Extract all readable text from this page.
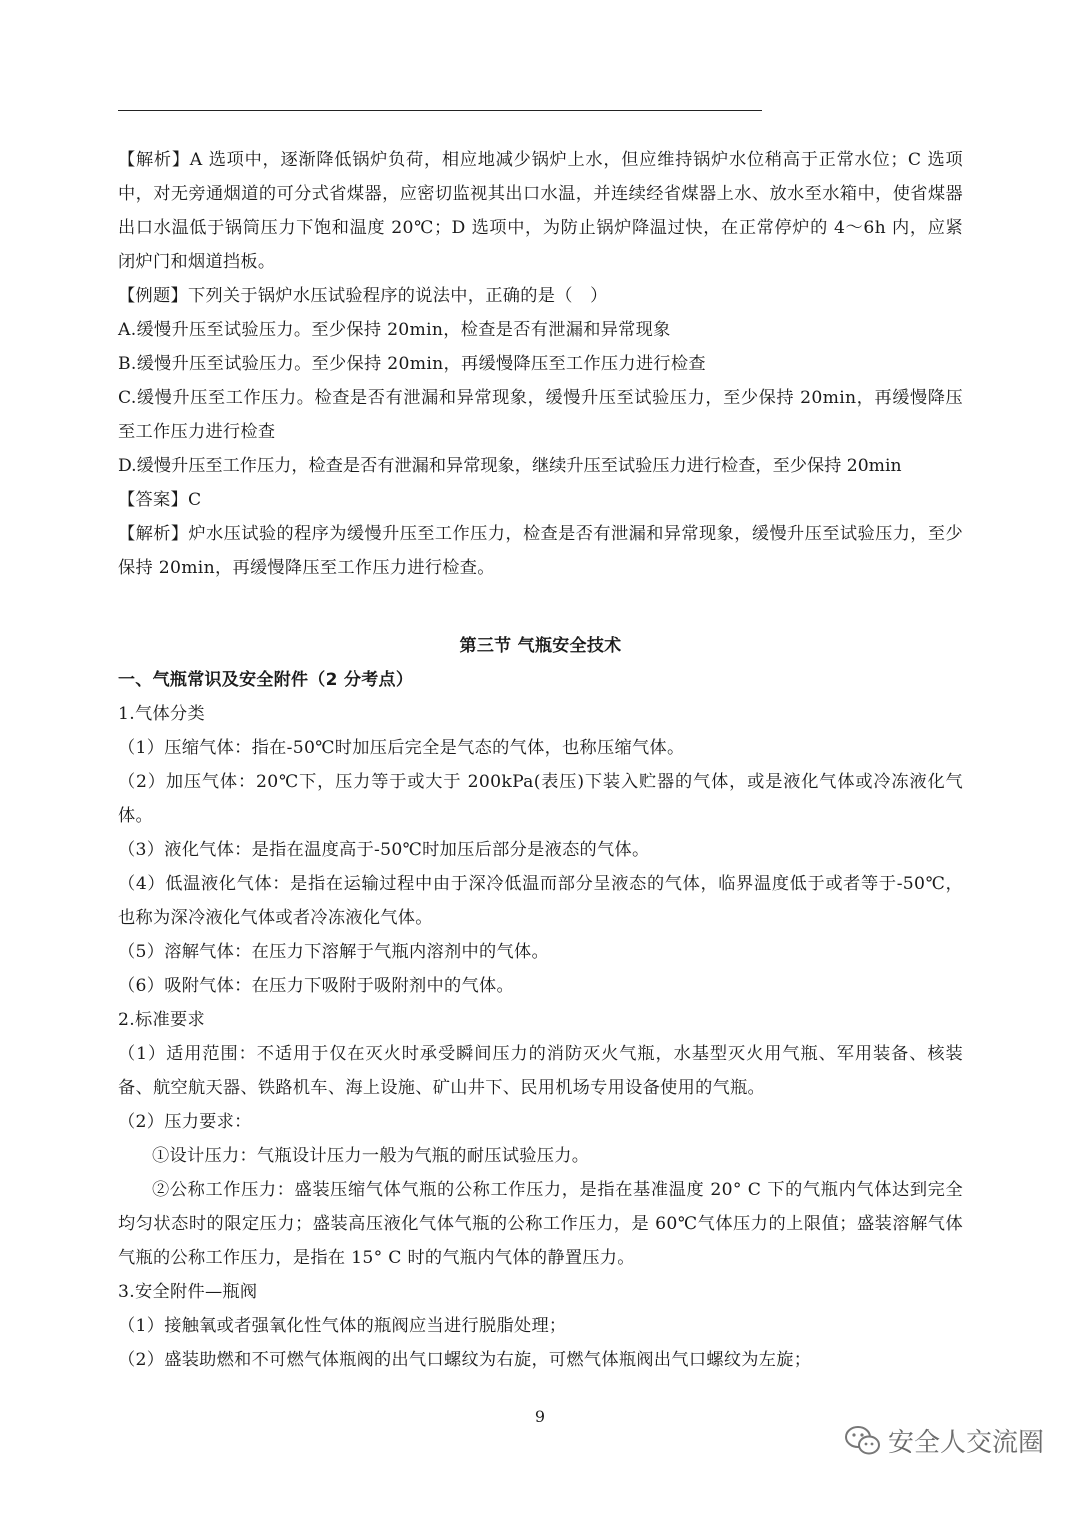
【解析】A 选项中，逐渐降低锅炉负荷，相应地减少锅炉上水，但应维持锅炉水位稍高于正常水位；C 选项中，对无旁通烟道的可分式省煤器，应密切监视其出口水温，并连续经省煤器上水、放水至水箱中，使省煤器出口水温低于锅筒压力下饱和温度 20℃；D 选项中，为防止锅炉降温过快，在正常停炉的 4～6h 内，应紧闭炉门和烟道挡板。

【例题】下列关于锅炉水压试验程序的说法中，正确的是（　）

A.缓慢升压至试验压力。至少保持 20min，检查是否有泄漏和异常现象

B.缓慢升压至试验压力。至少保持 20min，再缓慢降压至工作压力进行检查

C.缓慢升压至工作压力。检查是否有泄漏和异常现象，缓慢升压至试验压力，至少保持 20min，再缓慢降压至工作压力进行检查

D.缓慢升压至工作压力，检查是否有泄漏和异常现象，继续升压至试验压力进行检查，至少保持 20min

【答案】C

【解析】炉水压试验的程序为缓慢升压至工作压力，检查是否有泄漏和异常现象，缓慢升压至试验压力，至少保持 20min，再缓慢降压至工作压力进行检查。

第三节 气瓶安全技术

一、气瓶常识及安全附件（2 分考点）

1.气体分类

（1）压缩气体：指在-50℃时加压后完全是气态的气体，也称压缩气体。

（2）加压气体：20℃下，压力等于或大于 200kPa(表压)下装入贮器的气体，或是液化气体或冷冻液化气体。

（3）液化气体：是指在温度高于-50℃时加压后部分是液态的气体。

（4）低温液化气体：是指在运输过程中由于深冷低温而部分呈液态的气体，临界温度低于或者等于-50℃，也称为深冷液化气体或者冷冻液化气体。

（5）溶解气体：在压力下溶解于气瓶内溶剂中的气体。

（6）吸附气体：在压力下吸附于吸附剂中的气体。

2.标准要求

（1）适用范围：不适用于仅在灭火时承受瞬间压力的消防灭火气瓶，水基型灭火用气瓶、军用装备、核装备、航空航天器、铁路机车、海上设施、矿山井下、民用机场专用设备使用的气瓶。

（2）压力要求：

①设计压力：气瓶设计压力一般为气瓶的耐压试验压力。

②公称工作压力：盛装压缩气体气瓶的公称工作压力，是指在基准温度 20° C 下的气瓶内气体达到完全均匀状态时的限定压力；盛装高压液化气体气瓶的公称工作压力，是 60℃气体压力的上限值；盛装溶解气体气瓶的公称工作压力，是指在 15° C 时的气瓶内气体的静置压力。

3.安全附件—瓶阀

（1）接触氧或者强氧化性气体的瓶阀应当进行脱脂处理；

（2）盛装助燃和不可燃气体瓶阀的出气口螺纹为右旋，可燃气体瓶阀出气口螺纹为左旋；

9
安全人交流圈
